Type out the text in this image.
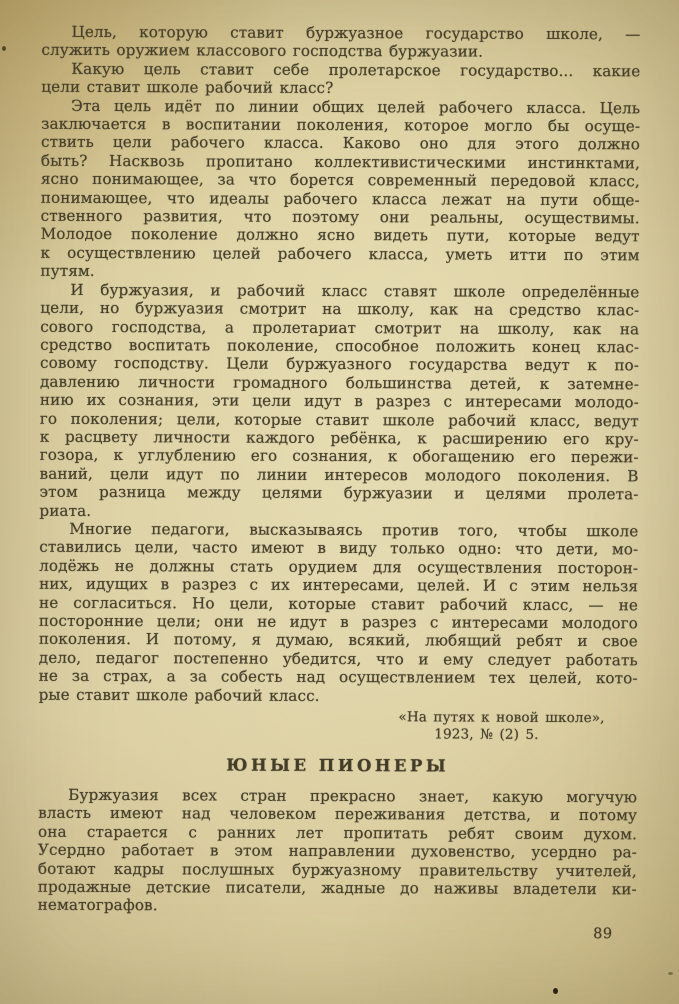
Цель, которую ставит буржуазное государство школе, —
служить оружием классового господства буржуазии.
Какую цель ставит себе пролетарское государство... какие
цели ставит школе рабочий класс?
Эта цель идёт по линии общих целей рабочего класса. Цель
заключается в воспитании поколения, которое могло бы осуще-
ствить цели рабочего класса. Каково оно для этого должно
быть? Насквозь пропитано коллективистическими инстинктами,
ясно понимающее, за что борется современный передовой класс,
понимающее, что идеалы рабочего класса лежат на пути обще-
ственного развития, что поэтому они реальны, осуществимы.
Молодое поколение должно ясно видеть пути, которые ведут
к осуществлению целей рабочего класса, уметь итти по этим
путям.
И буржуазия, и рабочий класс ставят школе определённые
цели, но буржуазия смотрит на школу, как на средство клас-
сового господства, а пролетариат смотрит на школу, как на
средство воспитать поколение, способное положить конец клас-
совому господству. Цели буржуазного государства ведут к по-
давлению личности громадного большинства детей, к затемне-
нию их сознания, эти цели идут в разрез с интересами молодо-
го поколения; цели, которые ставит школе рабочий класс, ведут
к расцвету личности каждого ребёнка, к расширению его кру-
гозора, к углублению его сознания, к обогащению его пережи-
ваний, цели идут по линии интересов молодого поколения. В
этом разница между целями буржуазии и целями пролета-
риата.
Многие педагоги, высказываясь против того, чтобы школе
ставились цели, часто имеют в виду только одно: что дети, мо-
лодёжь не должны стать орудием для осуществления посторон-
них, идущих в разрез с их интересами, целей. И с этим нельзя
не согласиться. Но цели, которые ставит рабочий класс, — не
посторонние цели; они не идут в разрез с интересами молодого
поколения. И потому, я думаю, всякий, любящий ребят и свое
дело, педагог постепенно убедится, что и ему следует работать
не за страх, а за собесть над осуществлением тех целей, кото-
рые ставит школе рабочий класс.
«На путях к новой школе»,
1923, № (2) 5.
ЮНЫЕ ПИОНЕРЫ
Буржуазия всех стран прекрасно знает, какую могучую
власть имеют над человеком переживания детства, и потому
она старается с ранних лет пропитать ребят своим духом.
Усердно работает в этом направлении духовенство, усердно ра-
ботают кадры послушных буржуазному правительству учителей,
продажные детские писатели, жадные до наживы владетели ки-
нематографов.
89
